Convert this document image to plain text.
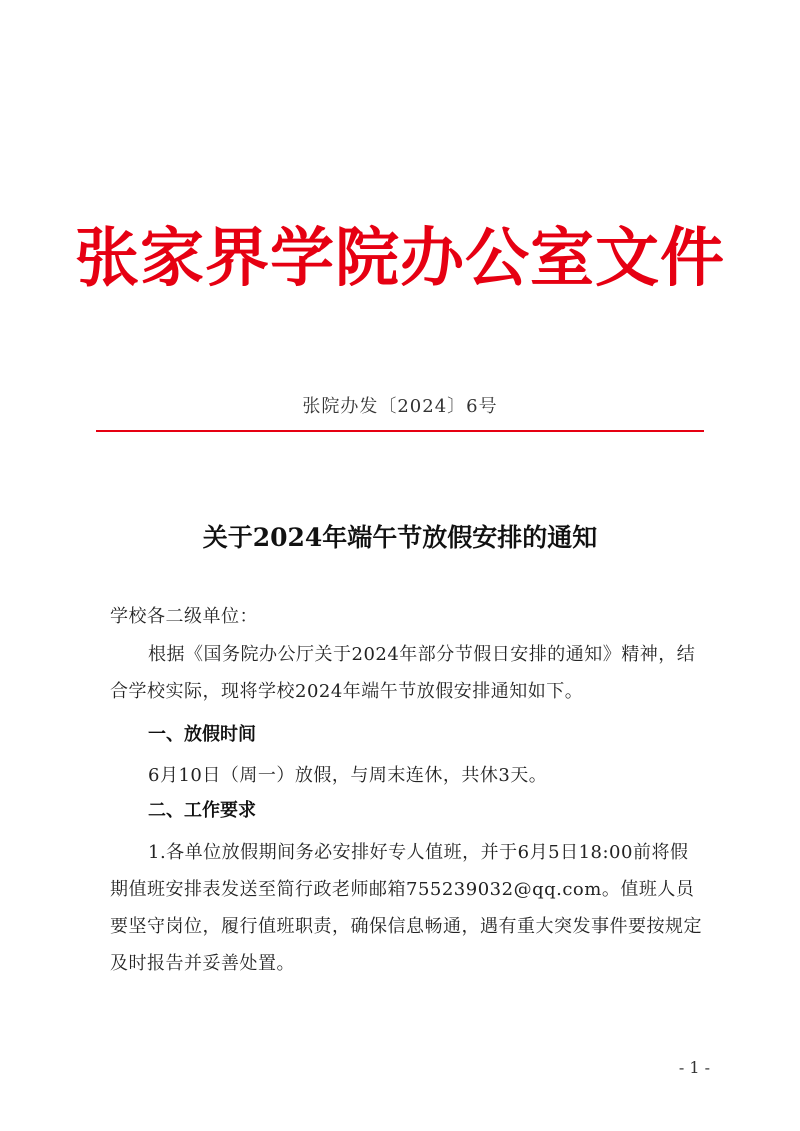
张家界学院办公室文件
张院办发〔2024〕6号
关于2024年端午节放假安排的通知
学校各二级单位：
根据《国务院办公厅关于2024年部分节假日安排的通知》精神，结合学校实际，现将学校2024年端午节放假安排通知如下。
一、放假时间
6月10日（周一）放假，与周末连休，共休3天。
二、工作要求
1.各单位放假期间务必安排好专人值班，并于6月5日18:00前将假期值班安排表发送至简行政老师邮箱755239032@qq.com。值班人员要坚守岗位，履行值班职责，确保信息畅通，遇有重大突发事件要按规定及时报告并妥善处置。
- 1 -
